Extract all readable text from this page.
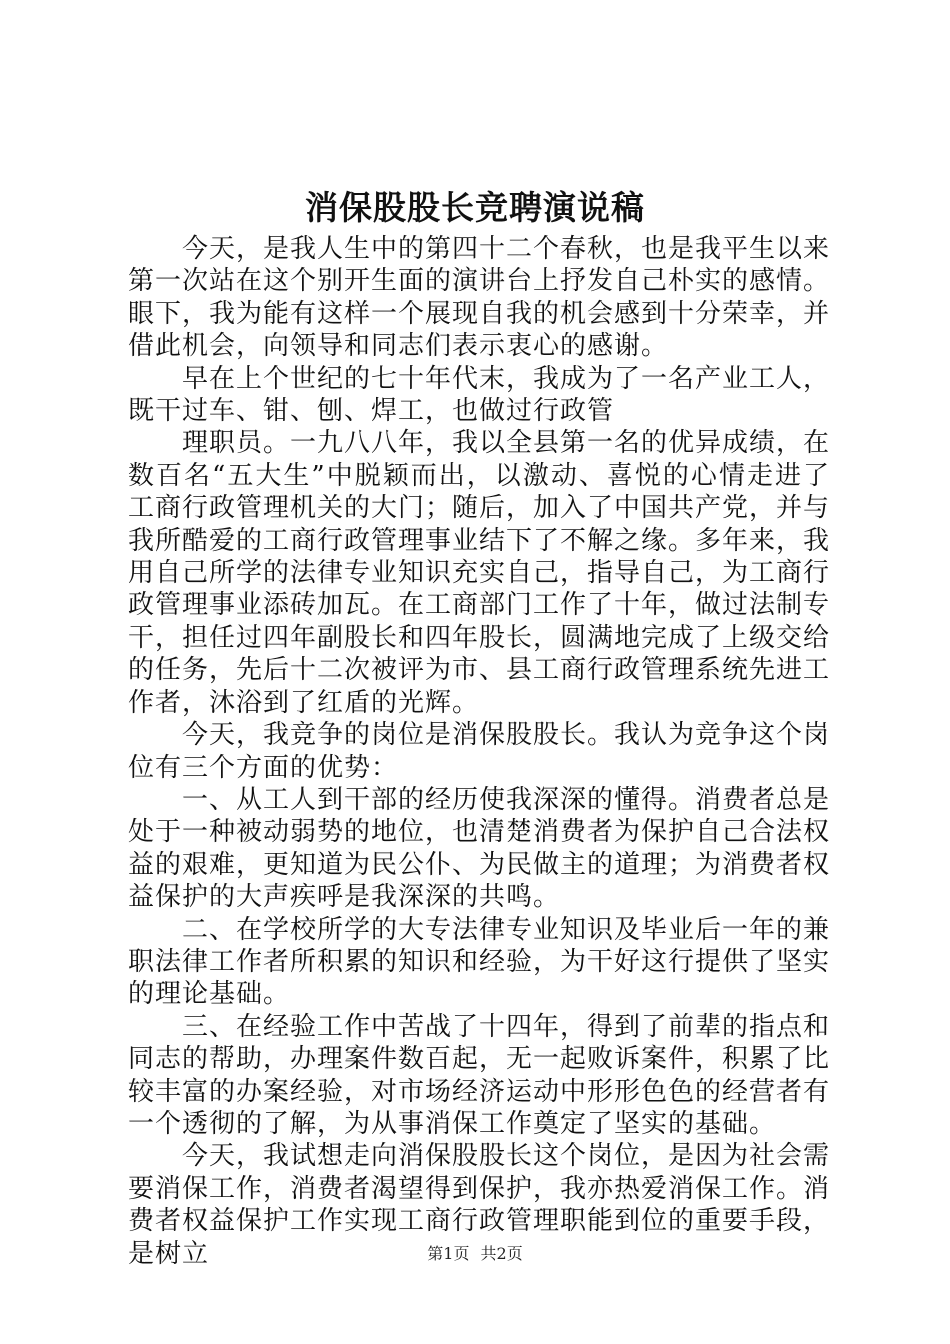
消保股股长竞聘演说稿

今天，是我人生中的第四十二个春秋，也是我平生以来第一次站在这个别开生面的演讲台上抒发自己朴实的感情。眼下，我为能有这样一个展现自我的机会感到十分荣幸，并借此机会，向领导和同志们表示衷心的感谢。

早在上个世纪的七十年代末，我成为了一名产业工人，既干过车、钳、刨、焊工，也做过行政管

理职员。一九八八年，我以全县第一名的优异成绩，在数百名“五大生”中脱颖而出，以激动、喜悦的心情走进了工商行政管理机关的大门；随后，加入了中国共产党，并与我所酷爱的工商行政管理事业结下了不解之缘。多年来，我用自己所学的法律专业知识充实自己，指导自己，为工商行政管理事业添砖加瓦。在工商部门工作了十年，做过法制专干，担任过四年副股长和四年股长，圆满地完成了上级交给的任务，先后十二次被评为市、县工商行政管理系统先进工作者，沐浴到了红盾的光辉。

今天，我竞争的岗位是消保股股长。我认为竞争这个岗位有三个方面的优势：

一、从工人到干部的经历使我深深的懂得。消费者总是处于一种被动弱势的地位，也清楚消费者为保护自己合法权益的艰难，更知道为民公仆、为民做主的道理；为消费者权益保护的大声疾呼是我深深的共鸣。

二、在学校所学的大专法律专业知识及毕业后一年的兼职法律工作者所积累的知识和经验，为干好这行提供了坚实的理论基础。

三、在经验工作中苦战了十四年，得到了前辈的指点和同志的帮助，办理案件数百起，无一起败诉案件，积累了比较丰富的办案经验，对市场经济运动中形形色色的经营者有一个透彻的了解，为从事消保工作奠定了坚实的基础。

今天，我试想走向消保股股长这个岗位，是因为社会需要消保工作，消费者渴望得到保护，我亦热爱消保工作。消费者权益保护工作实现工商行政管理职能到位的重要手段，是树立	第1页 共2页
